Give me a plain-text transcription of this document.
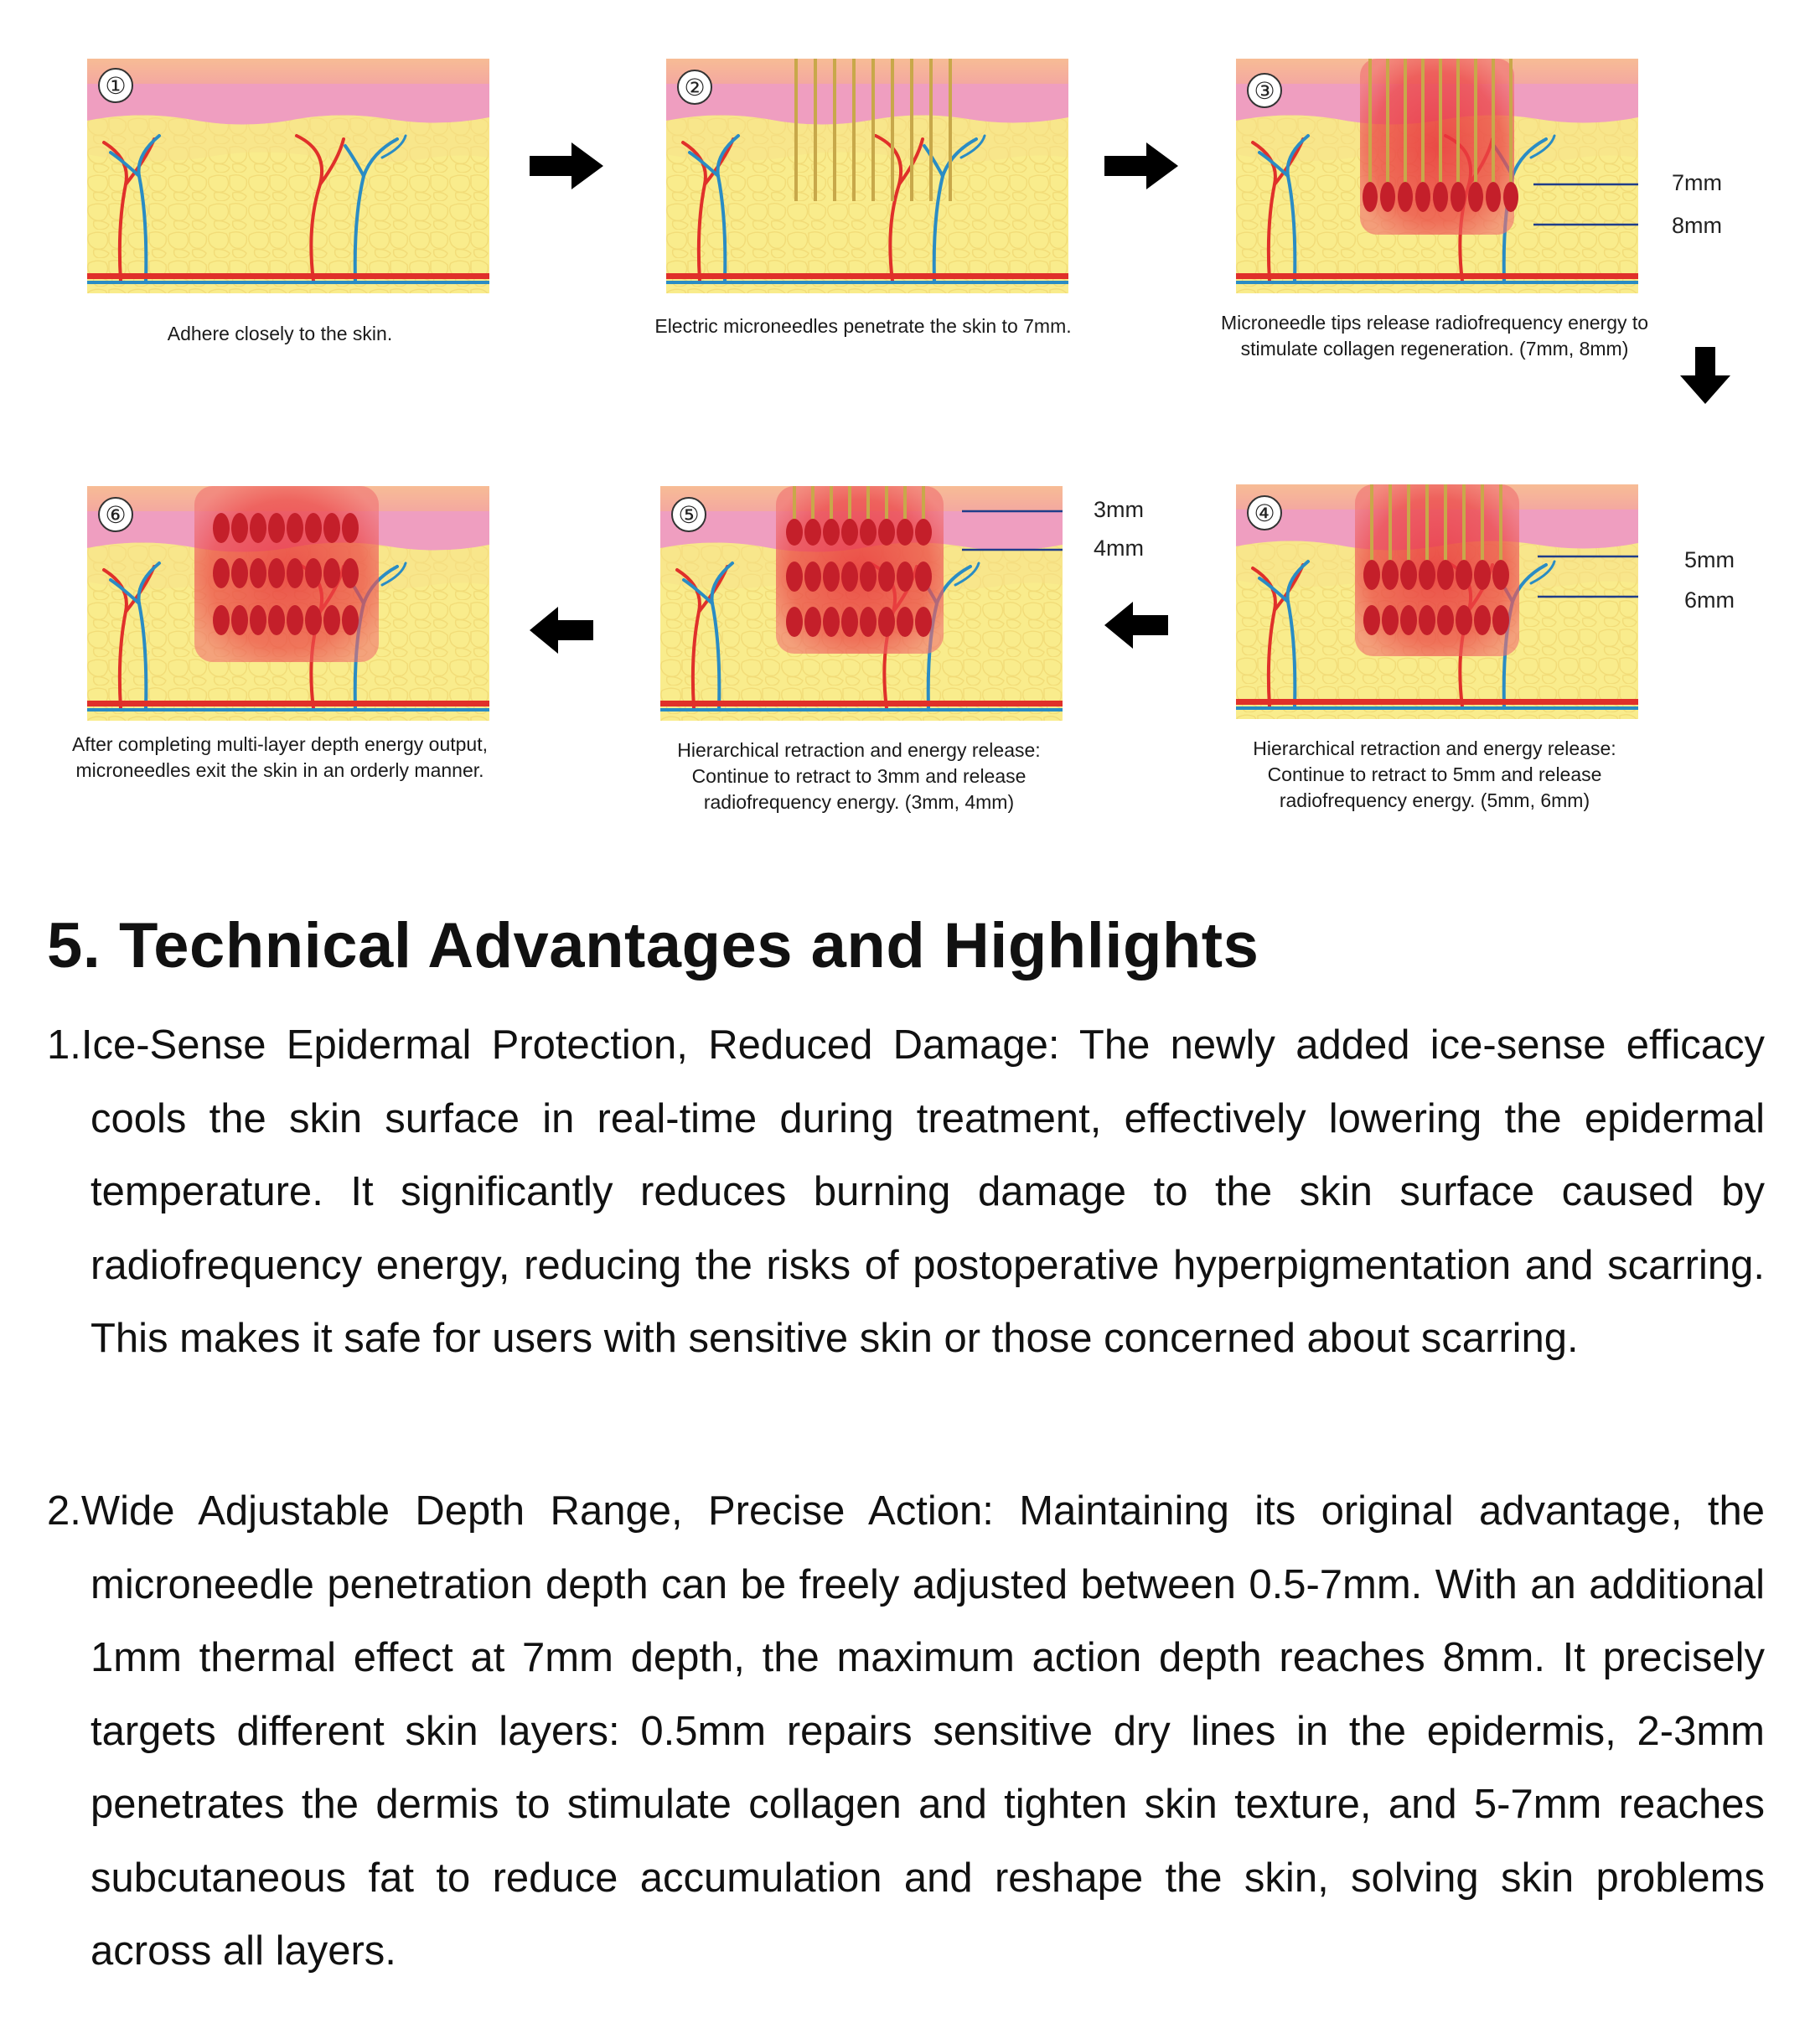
①
Adhere closely to the skin.
②
Electric microneedles penetrate the skin to 7mm.
③
7mm
8mm
Microneedle tips release radiofrequency energy to stimulate collagen regeneration. (7mm, 8mm)
⑥
After completing multi-layer depth energy output, microneedles exit the skin in an orderly manner.
⑤	3mm
4mm
Hierarchical retraction and energy release: Continue to retract to 3mm and release radiofrequency energy. (3mm, 4mm)
④
5mm
6mm
Hierarchical retraction and energy release: Continue to retract to 5mm and release radiofrequency energy. (5mm, 6mm)
5. Technical Advantages and Highlights

1.Ice-Sense Epidermal Protection, Reduced Damage: The newly added ice-sense efficacy cools the skin surface in real-time during treatment, effectively lowering the epidermal temperature. It significantly reduces burning damage to the skin surface caused by radiofrequency energy, reducing the risks of postoperative hyperpigmentation and scarring. This makes it safe for users with sensitive skin or those concerned about scarring.

2.Wide Adjustable Depth Range, Precise Action: Maintaining its original advantage, the microneedle penetration depth can be freely adjusted between 0.5-7mm. With an additional 1mm thermal effect at 7mm depth, the maximum action depth reaches 8mm. It precisely targets different skin layers: 0.5mm repairs sensitive dry lines in the epidermis, 2-3mm penetrates the dermis to stimulate collagen and tighten skin texture, and 5-7mm reaches subcutaneous fat to reduce accumulation and reshape the skin, solving skin problems across all layers.
